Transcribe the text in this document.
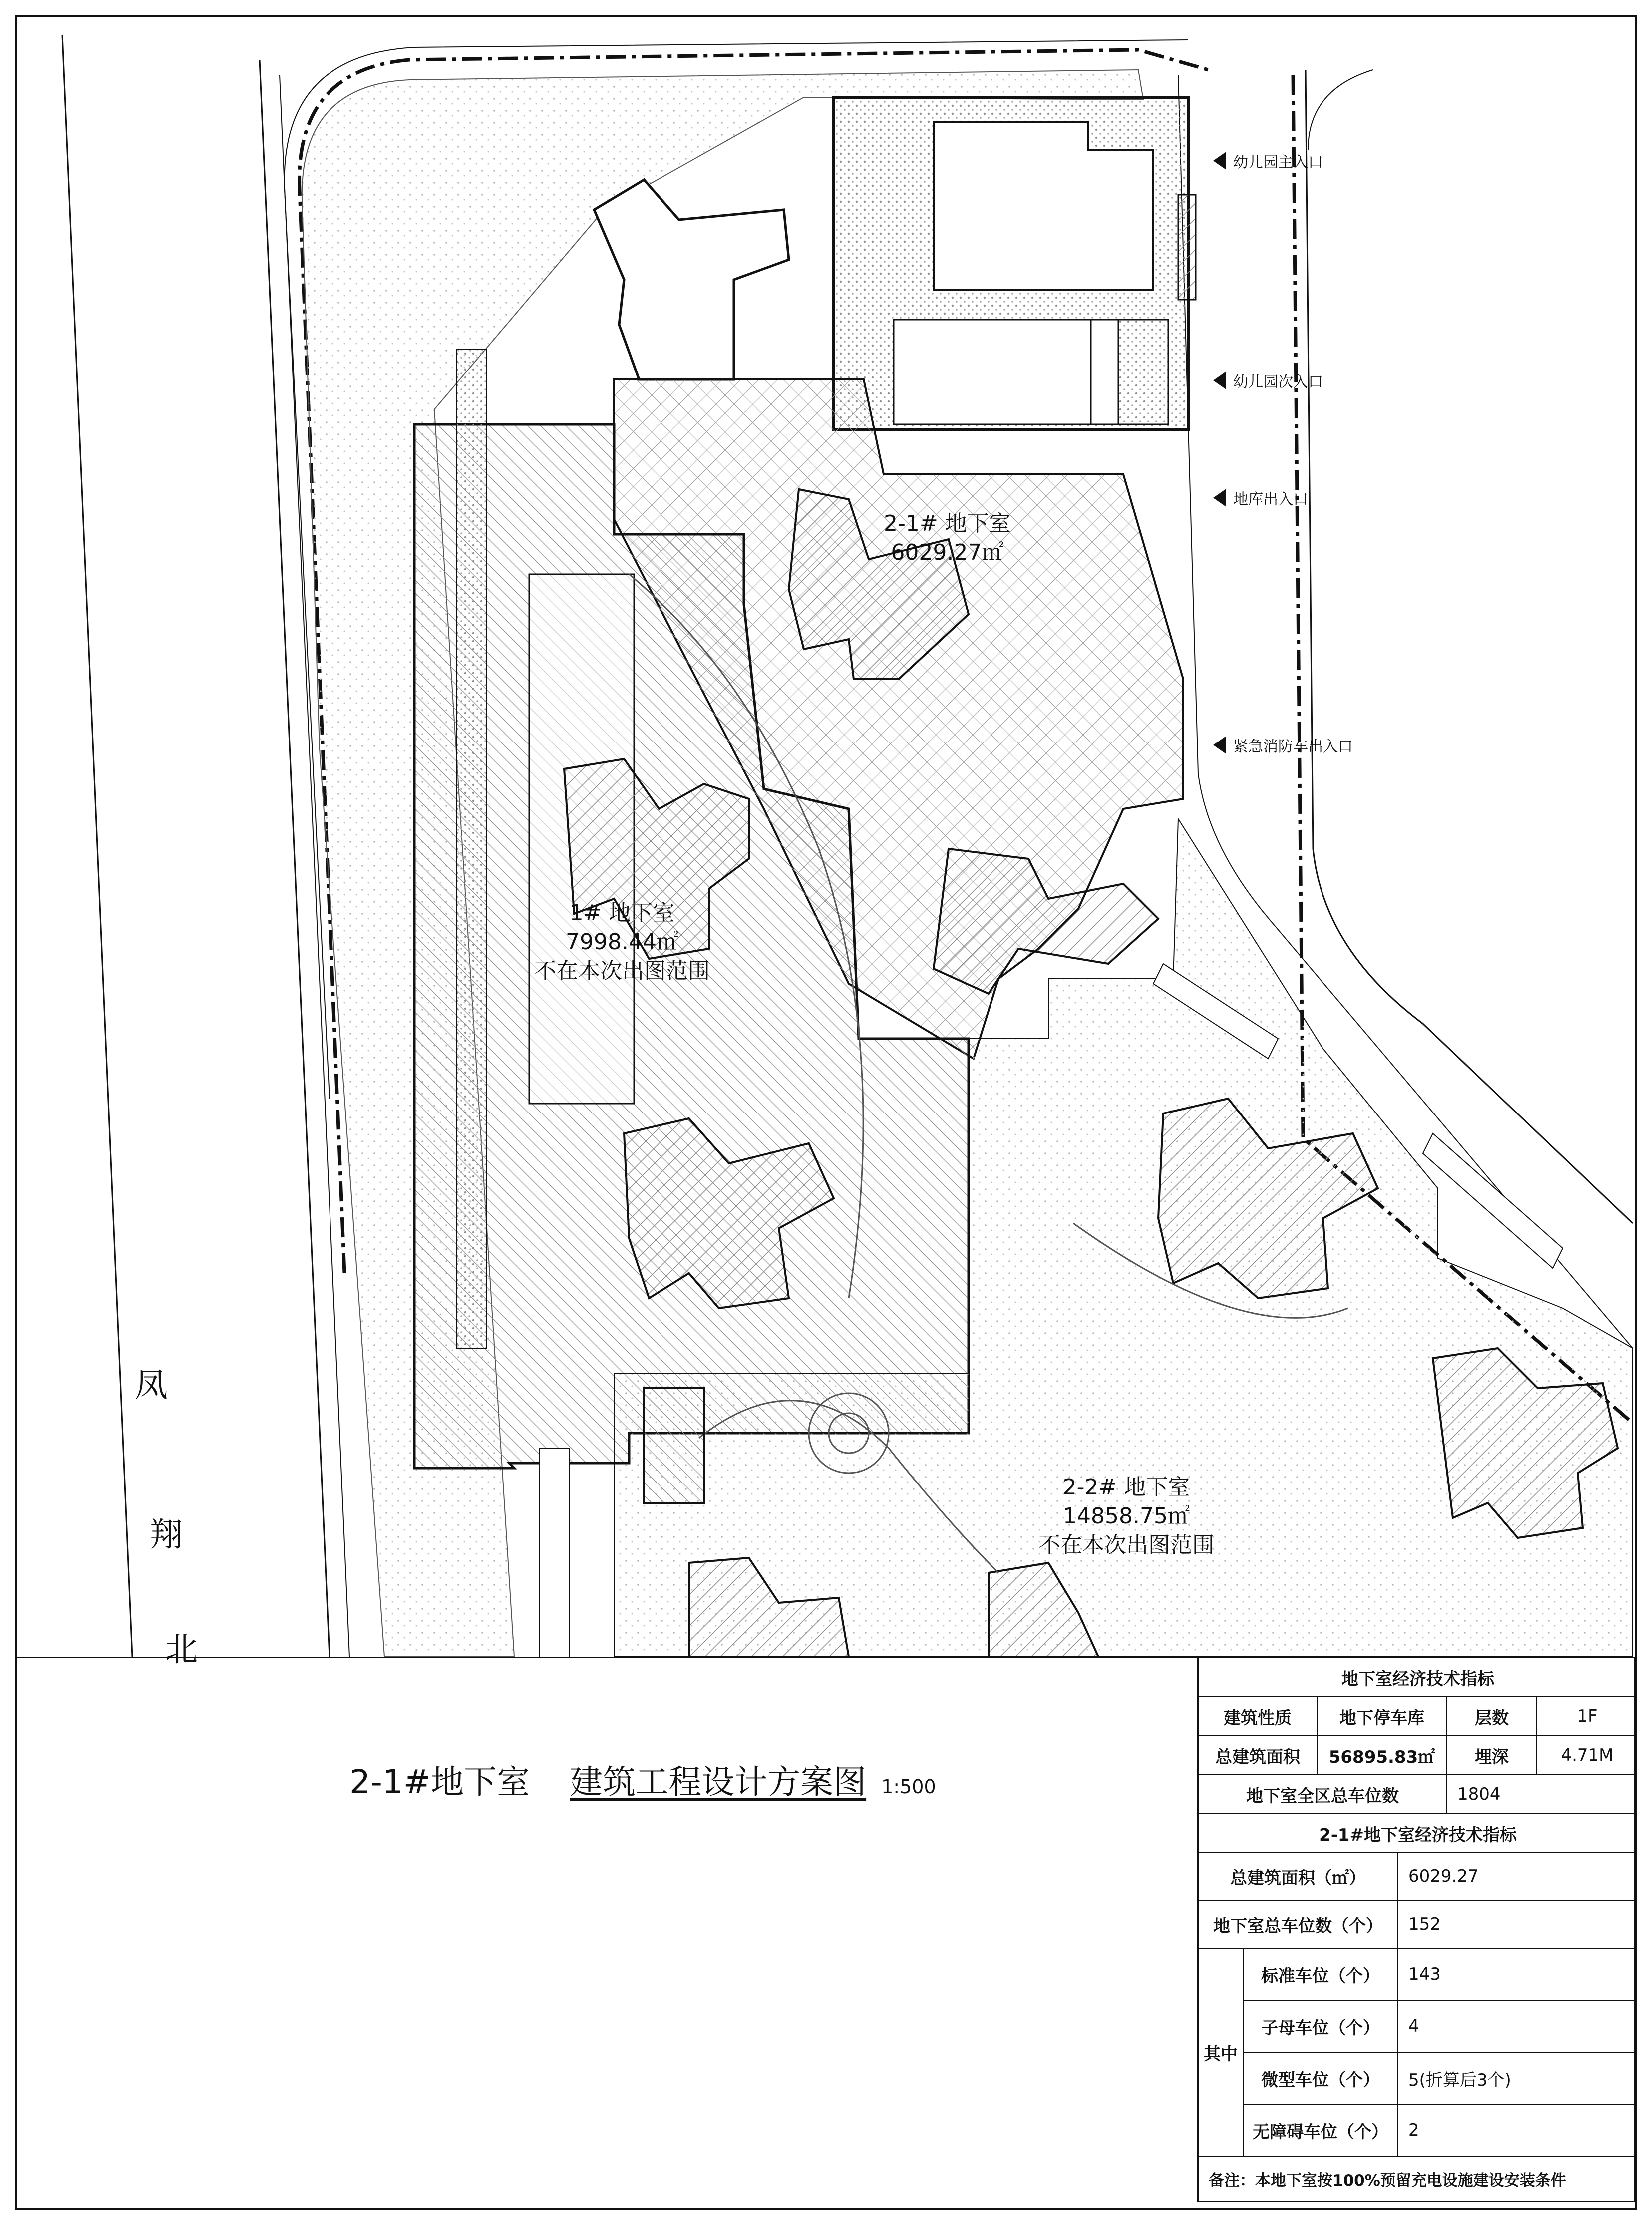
2-1# 地下室
6029.27㎡
1# 地下室
7998.44㎡
不在本次出图范围
2-2# 地下室
14858.75㎡
不在本次出图范围
幼儿园主入口
幼儿园次入口
地库出入口
紧急消防车出入口
凤
翔
北
2-1#地下室 建筑工程设计方案图 1:500
地下室经济技术指标
建筑性质	地下停车库	层数	1F
总建筑面积	56895.83㎡	埋深	4.71M
地下室全区总车位数	1804
2-1#地下室经济技术指标
总建筑面积（㎡）	6029.27
地下室总车位数（个）	152
其中
标准车位（个）	143
子母车位（个）	4
微型车位（个）	5(折算后3个)
无障碍车位（个）	2
备注：本地下室按100%预留充电设施建设安装条件
